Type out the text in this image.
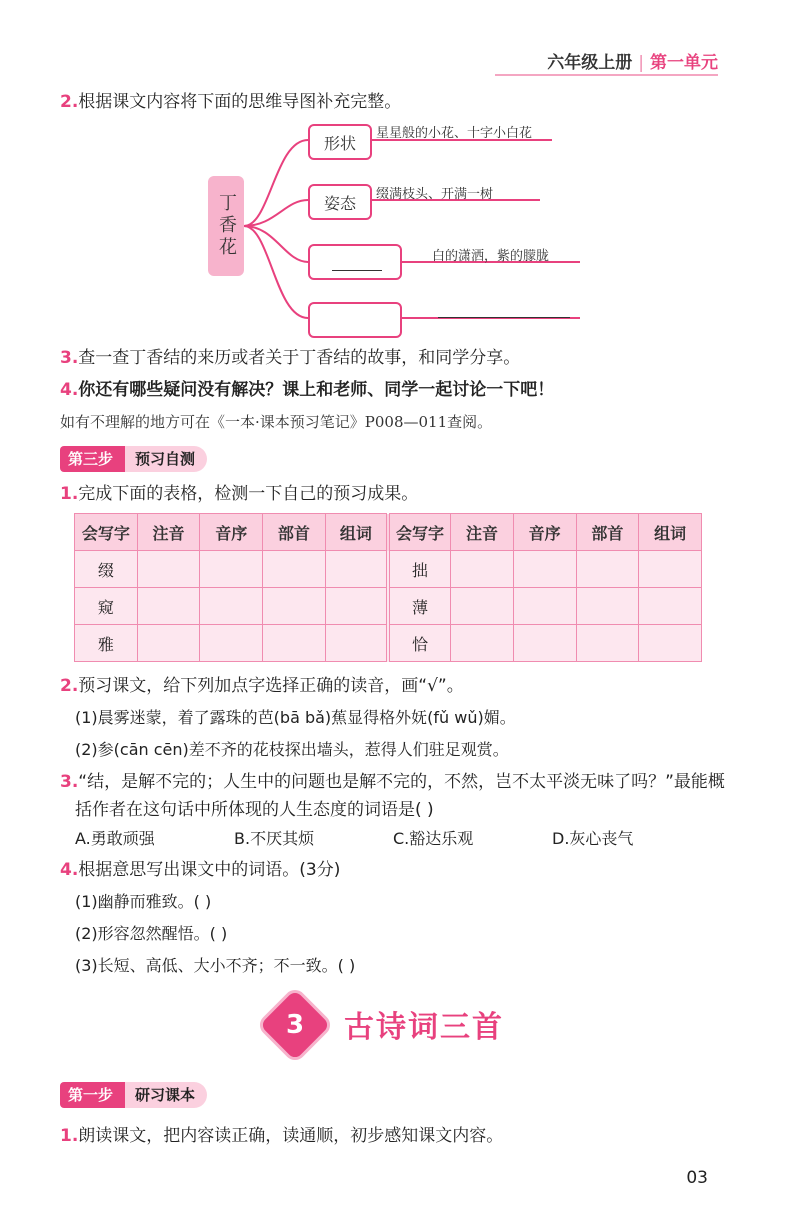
六年级上册 | 第一单元
2.根据课文内容将下面的思维导图补充完整。
丁香花
形状	星星般的小花、十字小白花
姿态	缀满枝头、开满一树
白的潇洒，紫的朦胧
3.查一查丁香结的来历或者关于丁香结的故事，和同学分享。
4.你还有哪些疑问没有解决？课上和老师、同学一起讨论一下吧！
如有不理解的地方可在《一本·课本预习笔记》P008—011查阅。
第三步	预习自测
1.完成下面的表格，检测一下自己的预习成果。
会写字	注音	音序	部首	组词	会写字	注音	音序	部首	组词
缀					拙				
窥					薄				
雅					恰				
2.预习课文，给下列加点字选择正确的读音，画“√”。
(1)晨雾迷蒙，着了露珠的芭(bā bǎ)蕉显得格外妩(fǔ wǔ)媚。
(2)参(cān cēn)差不齐的花枝探出墙头，惹得人们驻足观赏。
3.“结，是解不完的；人生中的问题也是解不完的，不然，岂不太平淡无味了吗？”最能概
括作者在这句话中所体现的人生态度的词语是( )
A.勇敢顽强	B.不厌其烦	C.豁达乐观	D.灰心丧气
4.根据意思写出课文中的词语。(3分)
(1)幽静而雅致。( )
(2)形容忽然醒悟。( )
(3)长短、高低、大小不齐；不一致。( )
3	古诗词三首
第一步	研习课本
1.朗读课文，把内容读正确，读通顺，初步感知课文内容。
03
